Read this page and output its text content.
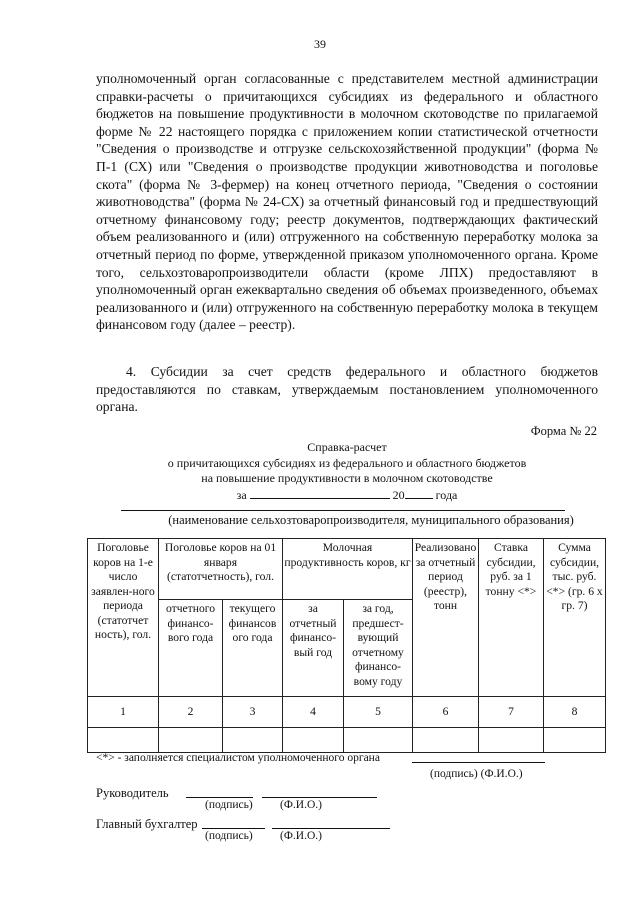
39
уполномоченный орган согласованные с представителем местной администрации справки-расчеты о причитающихся субсидиях из федерального и областного бюджетов на повышение продуктивности в молочном скотоводстве по прилагаемой форме № 22 настоящего порядка с приложением копии статистической отчетности "Сведения о производстве и отгрузке сельскохозяйственной продукции" (форма № П-1 (СХ) или "Сведения о производстве продукции животноводства и поголовье скота" (форма № 3-фермер) на конец отчетного периода, "Сведения о состоянии животноводства" (форма № 24-СХ) за отчетный финансовый год и предшествующий отчетному финансовому году; реестр документов, подтверждающих фактический объем реализованного и (или) отгруженного на собственную переработку молока за отчетный период по форме, утвержденной приказом уполномоченного органа. Кроме того, сельхозтоваропроизводители области (кроме ЛПХ) предоставляют в уполномоченный орган ежеквартально сведения об объемах произведенного, объемах реализованного и (или) отгруженного на собственную переработку молока в текущем финансовом году (далее – реестр).
4. Субсидии за счет средств федерального и областного бюджетов предоставляются по ставкам, утверждаемым постановлением уполномоченного органа.
Форма № 22
Справка-расчет
о причитающихся субсидиях из федерального и областного бюджетов
на повышение продуктивности в молочном скотоводстве
за	20	года
(наименование сельхозтоваропроизводителя, муниципального образования)
Поголовье коров на 1-е число заявлен-ного периода (статотчет ность), гол.	Поголовье коров на 01 января (статотчетность), гол.		Молочная продуктивность коров, кг		Реализовано за отчетный период (реестр), тонн	Ставка субсидии, руб. за 1 тонну <*>	Сумма субсидии, тыс. руб. <*> (гр. 6 х гр. 7)
	отчетного финансо-вого года	текущего финансов ого года	за отчетный финансо-вый год	за год, предшест-вующий отчетному финансо-вому году			
1	2	3	4	5	6	7	8

<*> - заполняется специалистом уполномоченного органа
(подпись) (Ф.И.О.)
Руководитель
(подпись) (Ф.И.О.)
Главный бухгалтер
(подпись) (Ф.И.О.)
